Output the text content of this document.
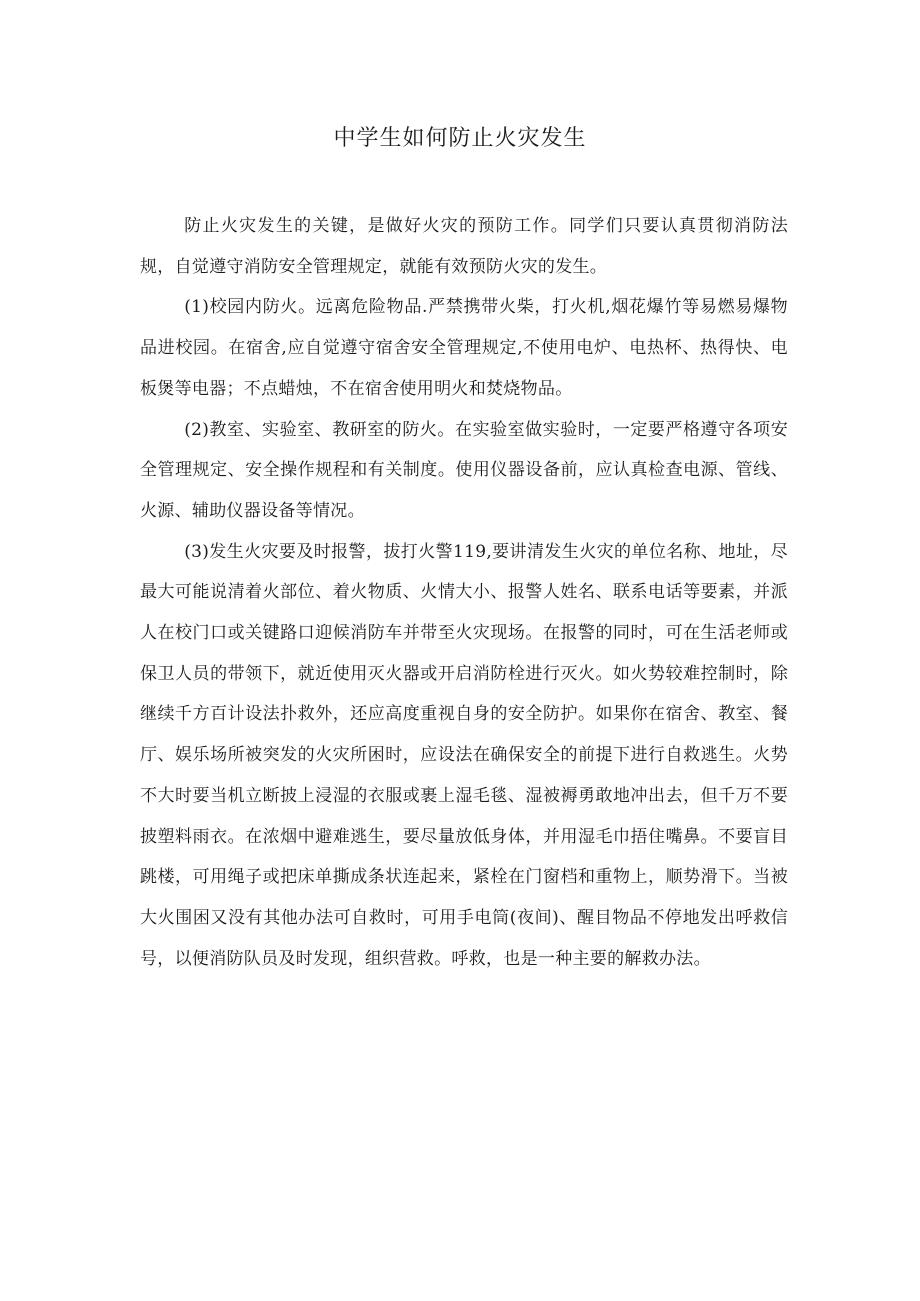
中学生如何防止火灾发生

防止火灾发生的关键，是做好火灾的预防工作。同学们只要认真贯彻消防法规，自觉遵守消防安全管理规定，就能有效预防火灾的发生。

(1)校园内防火。远离危险物品.严禁携带火柴，打火机,烟花爆竹等易燃易爆物品进校园。在宿舍,应自觉遵守宿舍安全管理规定,不使用电炉、电热杯、热得快、电板煲等电器；不点蜡烛，不在宿舍使用明火和焚烧物品。

(2)教室、实验室、教研室的防火。在实验室做实验时，一定要严格遵守各项安全管理规定、安全操作规程和有关制度。使用仪器设备前，应认真检查电源、管线、火源、辅助仪器设备等情况。

(3)发生火灾要及时报警，拔打火警119,要讲清发生火灾的单位名称、地址，尽最大可能说清着火部位、着火物质、火情大小、报警人姓名、联系电话等要素，并派人在校门口或关键路口迎候消防车并带至火灾现场。在报警的同时，可在生活老师或保卫人员的带领下，就近使用灭火器或开启消防栓进行灭火。如火势较难控制时，除继续千方百计设法扑救外，还应高度重视自身的安全防护。如果你在宿舍、教室、餐厅、娱乐场所被突发的火灾所困时，应设法在确保安全的前提下进行自救逃生。火势不大时要当机立断披上浸湿的衣服或裹上湿毛毯、湿被褥勇敢地冲出去，但千万不要披塑料雨衣。在浓烟中避难逃生，要尽量放低身体，并用湿毛巾捂住嘴鼻。不要盲目跳楼，可用绳子或把床单撕成条状连起来，紧栓在门窗档和重物上，顺势滑下。当被大火围困又没有其他办法可自救时，可用手电筒(夜间)、醒目物品不停地发出呼救信号，以便消防队员及时发现，组织营救。呼救，也是一种主要的解救办法。
